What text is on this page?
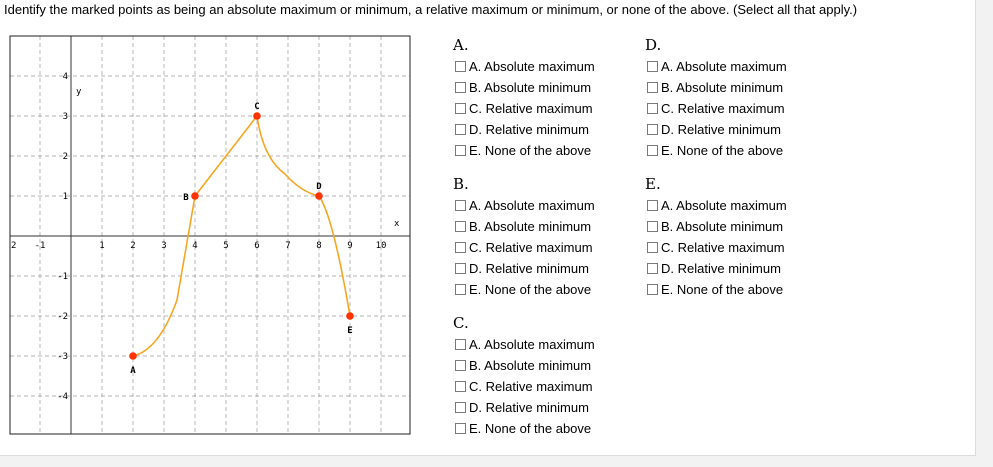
Identify the marked points as being an absolute maximum or minimum, a relative maximum or minimum, or none of the above. (Select all that apply.)
2 -1	1	2	3	4	5	6	7	8	9	10
4
3
2
1
-1
-2
-3
-4
y
x
A
B
C
D
E
A.
A. Absolute maximum
B. Absolute minimum
C. Relative maximum
D. Relative minimum
E. None of the above
B.
A. Absolute maximum
B. Absolute minimum
C. Relative maximum
D. Relative minimum
E. None of the above
C.
A. Absolute maximum
B. Absolute minimum
C. Relative maximum
D. Relative minimum
E. None of the above
D.
A. Absolute maximum
B. Absolute minimum
C. Relative maximum
D. Relative minimum
E. None of the above
E.
A. Absolute maximum
B. Absolute minimum
C. Relative maximum
D. Relative minimum
E. None of the above
